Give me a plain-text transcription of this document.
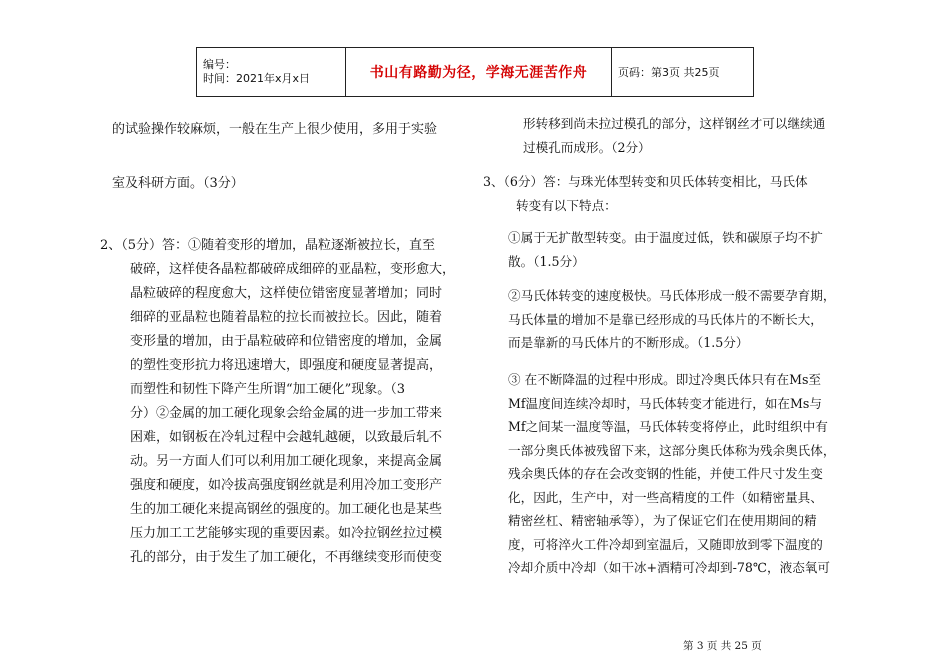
编号：
时间：2021年x月x日	书山有路勤为径，学海无涯苦作舟	页码：第3页 共25页

的试验操作较麻烦，一般在生产上很少使用，多用于实验

室及科研方面。（3分）

2、（5分）答：①随着变形的增加，晶粒逐渐被拉长，直至

破碎，这样使各晶粒都破碎成细碎的亚晶粒，变形愈大，

晶粒破碎的程度愈大，这样使位错密度显著增加；同时

细碎的亚晶粒也随着晶粒的拉长而被拉长。因此，随着

变形量的增加，由于晶粒破碎和位错密度的增加，金属

的塑性变形抗力将迅速增大，即强度和硬度显著提高，

而塑性和韧性下降产生所谓“加工硬化”现象。（3

分）②金属的加工硬化现象会给金属的进一步加工带来

困难，如钢板在冷轧过程中会越轧越硬，以致最后轧不

动。另一方面人们可以利用加工硬化现象，来提高金属

强度和硬度，如冷拔高强度钢丝就是利用冷加工变形产

生的加工硬化来提高钢丝的强度的。加工硬化也是某些

压力加工工艺能够实现的重要因素。如冷拉钢丝拉过模

孔的部分，由于发生了加工硬化，不再继续变形而使变

形转移到尚未拉过模孔的部分，这样钢丝才可以继续通

过模孔而成形。（2分）

3、（6分）答：与珠光体型转变和贝氏体转变相比，马氏体

转变有以下特点：

①属于无扩散型转变。由于温度过低，铁和碳原子均不扩

散。（1.5分）

②马氏体转变的速度极快。马氏体形成一般不需要孕育期，

马氏体量的增加不是靠已经形成的马氏体片的不断长大，

而是靠新的马氏体片的不断形成。（1.5分）

③ 在不断降温的过程中形成。即过冷奥氏体只有在Ms至

Mf温度间连续冷却时，马氏体转变才能进行，如在Ms与

Mf之间某一温度等温，马氏体转变将停止，此时组织中有

一部分奥氏体被残留下来，这部分奥氏体称为残余奥氏体，

残余奥氏体的存在会改变钢的性能，并使工件尺寸发生变

化，因此，生产中，对一些高精度的工件（如精密量具、

精密丝杠、精密轴承等），为了保证它们在使用期间的精

度，可将淬火工件冷却到室温后，又随即放到零下温度的

冷却介质中冷却（如干冰+酒精可冷却到-78℃，液态氧可

第 3 页 共 25 页
